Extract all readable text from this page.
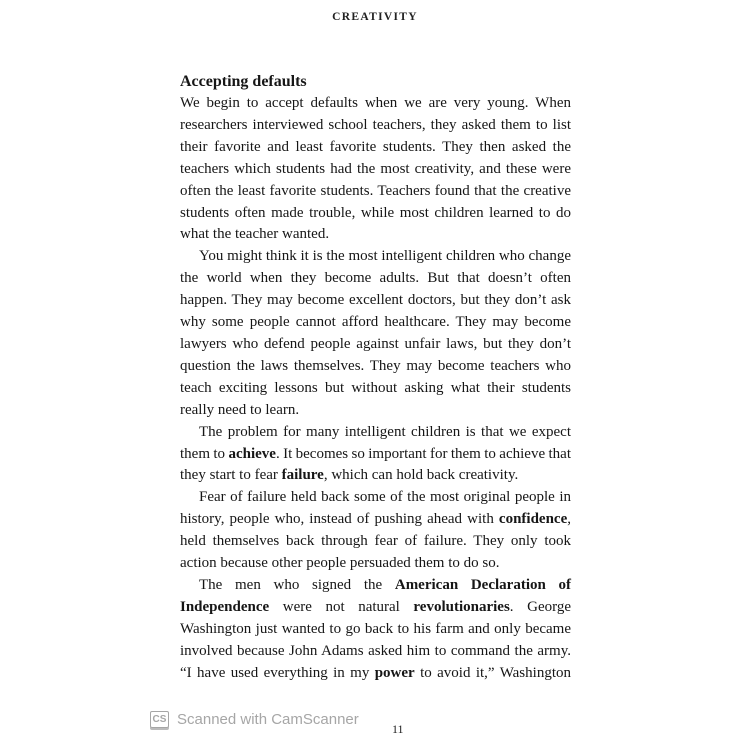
CREATIVITY
Accepting defaults
We begin to accept defaults when we are very young. When
researchers interviewed school teachers, they asked them to list
their favorite and least favorite students. They then asked the
teachers which students had the most creativity, and these were
often the least favorite students. Teachers found that the creative
students often made trouble, while most children learned to do
what the teacher wanted.
You might think it is the most intelligent children who change
the world when they become adults. But that doesn’t often
happen. They may become excellent doctors, but they don’t ask
why some people cannot afford healthcare. They may become
lawyers who defend people against unfair laws, but they don’t
question the laws themselves. They may become teachers who
teach exciting lessons but without asking what their students
really need to learn.
The problem for many intelligent children is that we expect
them to achieve. It becomes so important for them to achieve that
they start to fear failure, which can hold back creativity.
Fear of failure held back some of the most original people in
history, people who, instead of pushing ahead with confidence,
held themselves back through fear of failure. They only took
action because other people persuaded them to do so.
The men who signed the American Declaration of
Independence were not natural revolutionaries. George
Washington just wanted to go back to his farm and only became
involved because John Adams asked him to command the army.
“I have used everything in my power to avoid it,” Washington
CS Scanned with CamScanner
11
